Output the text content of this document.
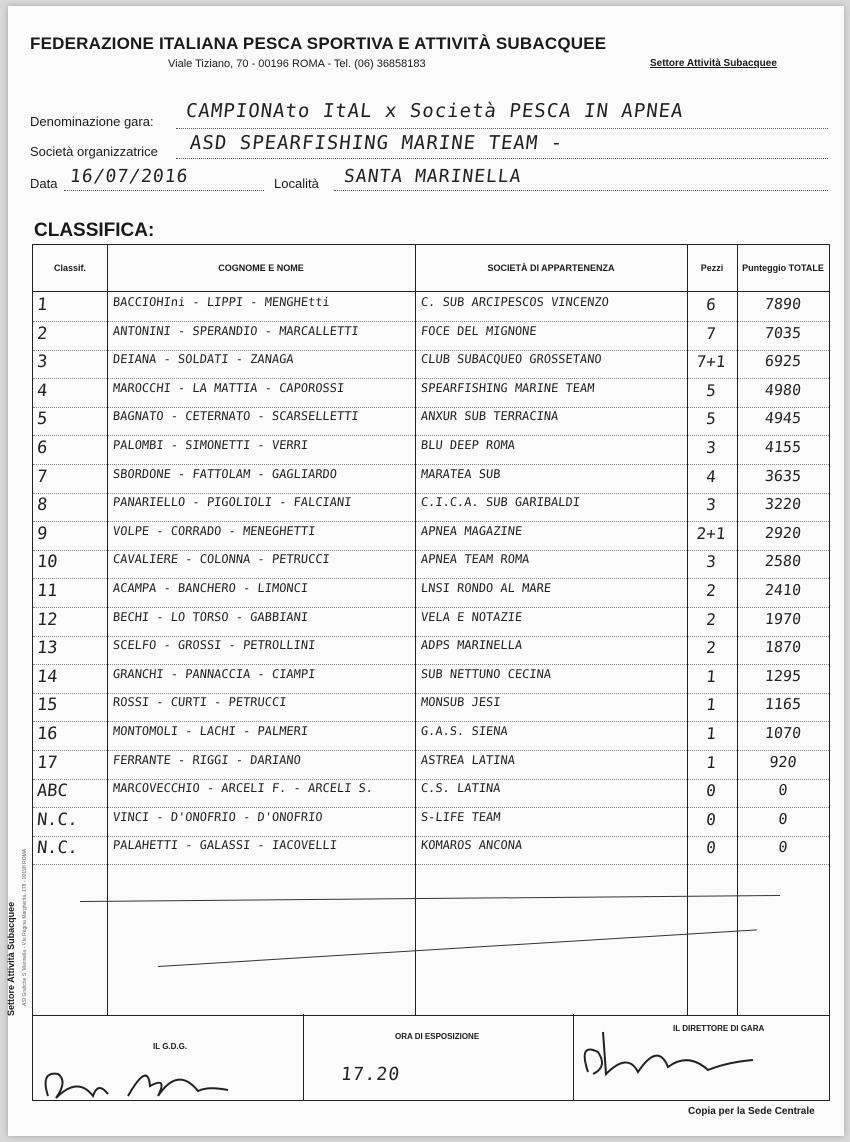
FEDERAZIONE ITALIANA PESCA SPORTIVA E ATTIVITÀ SUBACQUEE
Viale Tiziano, 70 - 00196 ROMA - Tel. (06) 36858183	Settore Attività Subacquee
Denominazione gara: CAMPIONAto ItAL x Società PESCA IN APNEA
Società organizzatrice ASD SPEARFISHING MARINE TEAM -
Data 16/07/2016	Località SANTA MARINELLA
CLASSIFICA:
Classif.	COGNOME E NOME	SOCIETÀ DI APPARTENENZA	Pezzi	Punteggio TOTALE
1	BACCIOHIni - LIPPI - MENGHEtti	C. SUB ARCIPESCOS VINCENZO	6	7890
2	ANTONINI - SPERANDIO - MARCALLETTI	FOCE DEL MIGNONE	7	7035
3	DEIANA - SOLDATI - ZANAGA	CLUB SUBACQUEO GROSSETANO	7+1	6925
4	MAROCCHI - LA MATTIA - CAPOROSSI	SPEARFISHING MARINE TEAM	5	4980
5	BAGNATO - CETERNATO - SCARSELLETTI	ANXUR SUB TERRACINA	5	4945
6	PALOMBI - SIMONETTI - VERRI	BLU DEEP ROMA	3	4155
7	SBORDONE - FATTOLAM - GAGLIARDO	MARATEA SUB	4	3635
8	PANARIELLO - PIGOLIOLI - FALCIANI	C.I.C.A. SUB GARIBALDI	3	3220
9	VOLPE - CORRADO - MENEGHETTI	APNEA MAGAZINE	2+1	2920
10	CAVALIERE - COLONNA - PETRUCCI	APNEA TEAM ROMA	3	2580
11	ACAMPA - BANCHERO - LIMONCI	LNSI RONDO AL MARE	2	2410
12	BECHI - LO TORSO - GABBIANI	VELA E NOTAZIE	2	1970
13	SCELFO - GROSSI - PETROLLINI	ADPS MARINELLA	2	1870
14	GRANCHI - PANNACCIA - CIAMPI	SUB NETTUNO CECINA	1	1295
15	ROSSI - CURTI - PETRUCCI	MONSUB JESI	1	1165
16	MONTOMOLI - LACHI - PALMERI	G.A.S. SIENA	1	1070
17	FERRANTE - RIGGI - DARIANO	ASTREA LATINA	1	920
ABC	MARCOVECCHIO - ARCELI F. - ARCELI S.	C.S. LATINA	0	0
N.C.	VINCI - D'ONOFRIO - D'ONOFRIO	S-LIFE TEAM	0	0
N.C.	PALAHETTI - GALASSI - IACOVELLI	KOMAROS ANCONA	0	0
IL G.D.G.
ORA DI ESPOSIZIONE
17.20
IL DIRETTORE DI GARA
Copia per la Sede Centrale
Settore Attività Subacquee ASI Grafiche S. Marinella - V.le Regina Margherita, 178 - 00198 ROMA
